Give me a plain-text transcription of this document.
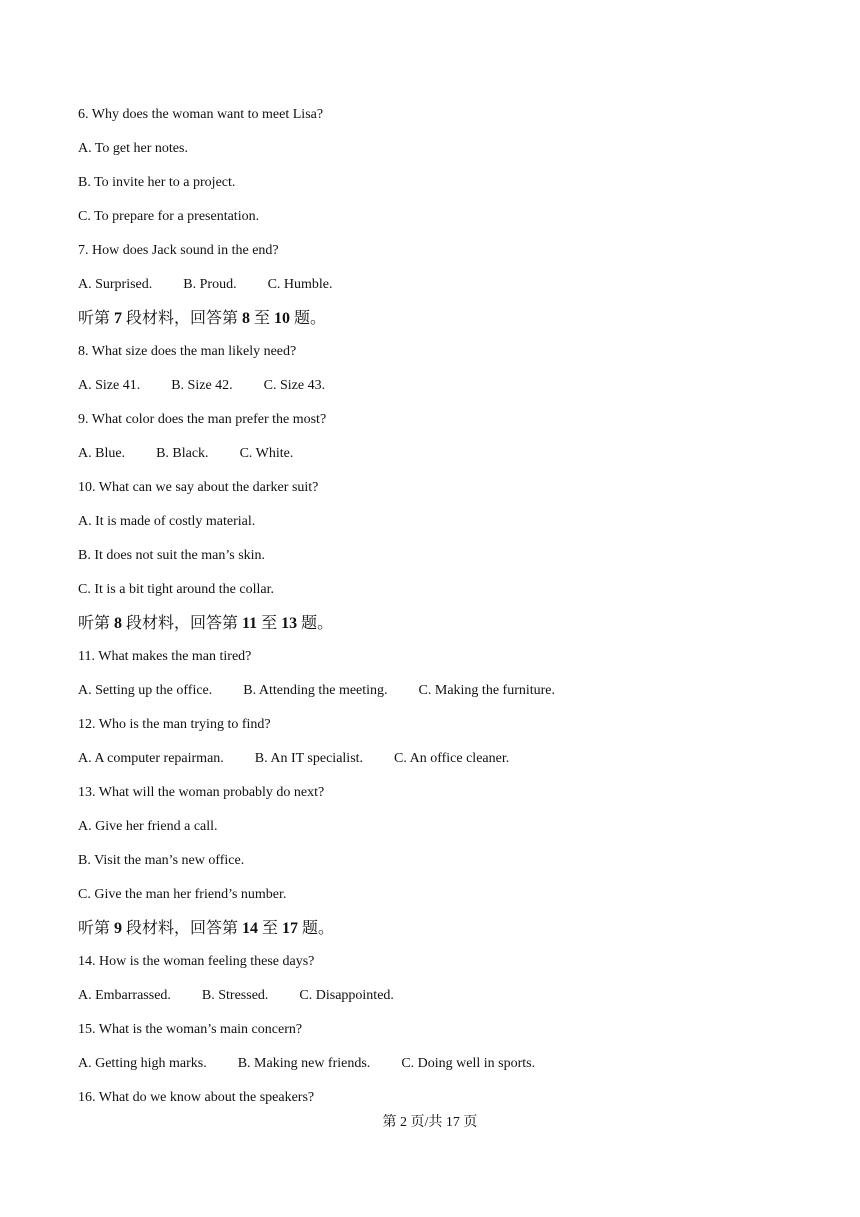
6. Why does the woman want to meet Lisa?
A. To get her notes.
B. To invite her to a project.
C. To prepare for a presentation.
7. How does Jack sound in the end?
A. Surprised. B. Proud. C. Humble.
听第 7 段材料，回答第 8 至 10 题。
8. What size does the man likely need?
A. Size 41. B. Size 42. C. Size 43.
9. What color does the man prefer the most?
A. Blue. B. Black. C. White.
10. What can we say about the darker suit?
A. It is made of costly material.
B. It does not suit the man’s skin.
C. It is a bit tight around the collar.
听第 8 段材料，回答第 11 至 13 题。
11. What makes the man tired?
A. Setting up the office. B. Attending the meeting. C. Making the furniture.
12. Who is the man trying to find?
A. A computer repairman. B. An IT specialist. C. An office cleaner.
13. What will the woman probably do next?
A. Give her friend a call.
B. Visit the man’s new office.
C. Give the man her friend’s number.
听第 9 段材料，回答第 14 至 17 题。
14. How is the woman feeling these days?
A. Embarrassed. B. Stressed. C. Disappointed.
15. What is the woman’s main concern?
A. Getting high marks. B. Making new friends. C. Doing well in sports.
16. What do we know about the speakers?
第 2 页/共 17 页
